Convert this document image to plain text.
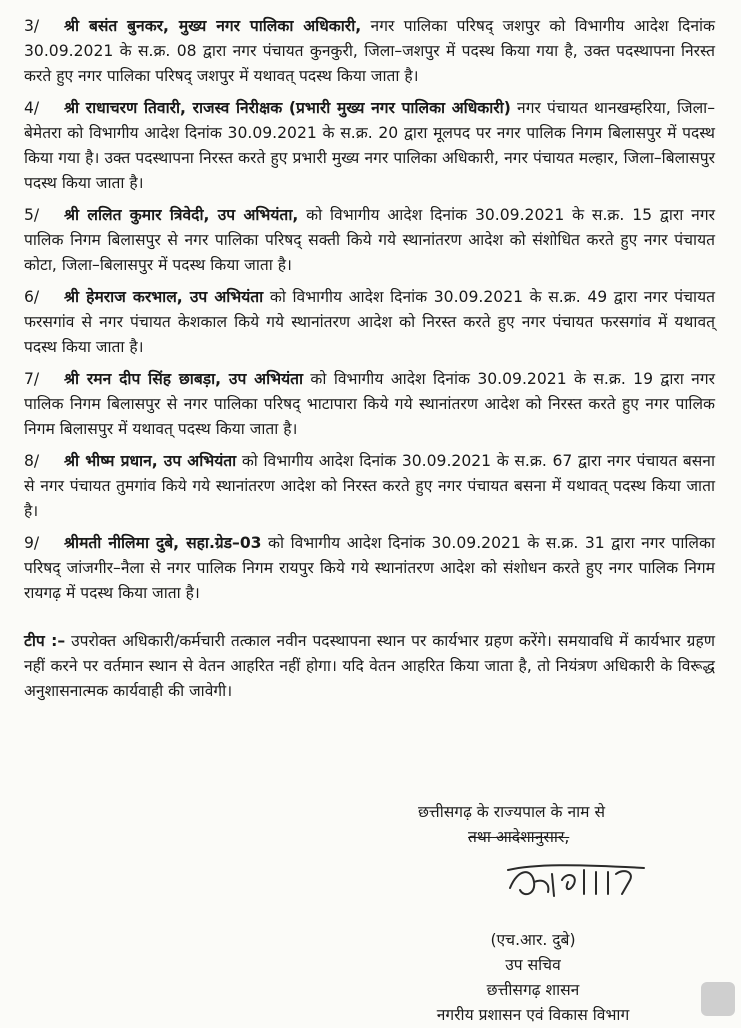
3/ श्री बसंत बुनकर, मुख्य नगर पालिका अधिकारी, नगर पालिका परिषद् जशपुर को विभागीय आदेश दिनांक 30.09.2021 के स.क्र. 08 द्वारा नगर पंचायत कुनकुरी, जिला–जशपुर में पदस्थ किया गया है, उक्त पदस्थापना निरस्त करते हुए नगर पालिका परिषद् जशपुर में यथावत् पदस्थ किया जाता है।

4/ श्री राधाचरण तिवारी, राजस्व निरीक्षक (प्रभारी मुख्य नगर पालिका अधिकारी) नगर पंचायत थानखम्हरिया, जिला–बेमेतरा को विभागीय आदेश दिनांक 30.09.2021 के स.क्र. 20 द्वारा मूलपद पर नगर पालिक निगम बिलासपुर में पदस्थ किया गया है। उक्त पदस्थापना निरस्त करते हुए प्रभारी मुख्य नगर पालिका अधिकारी, नगर पंचायत मल्हार, जिला–बिलासपुर पदस्थ किया जाता है।

5/ श्री ललित कुमार त्रिवेदी, उप अभियंता, को विभागीय आदेश दिनांक 30.09.2021 के स.क्र. 15 द्वारा नगर पालिक निगम बिलासपुर से नगर पालिका परिषद् सक्ती किये गये स्थानांतरण आदेश को संशोधित करते हुए नगर पंचायत कोटा, जिला–बिलासपुर में पदस्थ किया जाता है।

6/ श्री हेमराज करभाल, उप अभियंता को विभागीय आदेश दिनांक 30.09.2021 के स.क्र. 49 द्वारा नगर पंचायत फरसगांव से नगर पंचायत केशकाल किये गये स्थानांतरण आदेश को निरस्त करते हुए नगर पंचायत फरसगांव में यथावत् पदस्थ किया जाता है।

7/ श्री रमन दीप सिंह छाबड़ा, उप अभियंता को विभागीय आदेश दिनांक 30.09.2021 के स.क्र. 19 द्वारा नगर पालिक निगम बिलासपुर से नगर पालिका परिषद् भाटापारा किये गये स्थानांतरण आदेश को निरस्त करते हुए नगर पालिक निगम बिलासपुर में यथावत् पदस्थ किया जाता है।

8/ श्री भीष्म प्रधान, उप अभियंता को विभागीय आदेश दिनांक 30.09.2021 के स.क्र. 67 द्वारा नगर पंचायत बसना से नगर पंचायत तुमगांव किये गये स्थानांतरण आदेश को निरस्त करते हुए नगर पंचायत बसना में यथावत् पदस्थ किया जाता है।

9/ श्रीमती नीलिमा दुबे, सहा.ग्रेड–03 को विभागीय आदेश दिनांक 30.09.2021 के स.क्र. 31 द्वारा नगर पालिका परिषद् जांजगीर–नैला से नगर पालिक निगम रायपुर किये गये स्थानांतरण आदेश को संशोधन करते हुए नगर पालिक निगम रायगढ़ में पदस्थ किया जाता है।

टीप :– उपरोक्त अधिकारी/कर्मचारी तत्काल नवीन पदस्थापना स्थान पर कार्यभार ग्रहण करेंगे। समयावधि में कार्यभार ग्रहण नहीं करने पर वर्तमान स्थान से वेतन आहरित नहीं होगा। यदि वेतन आहरित किया जाता है, तो नियंत्रण अधिकारी के विरूद्ध अनुशासनात्मक कार्यवाही की जावेगी।

छत्तीसगढ़ के राज्यपाल के नाम से

तथा आदेशानुसार,

(एच.आर. दुबे)

उप सचिव

छत्तीसगढ़ शासन

नगरीय प्रशासन एवं विकास विभाग
